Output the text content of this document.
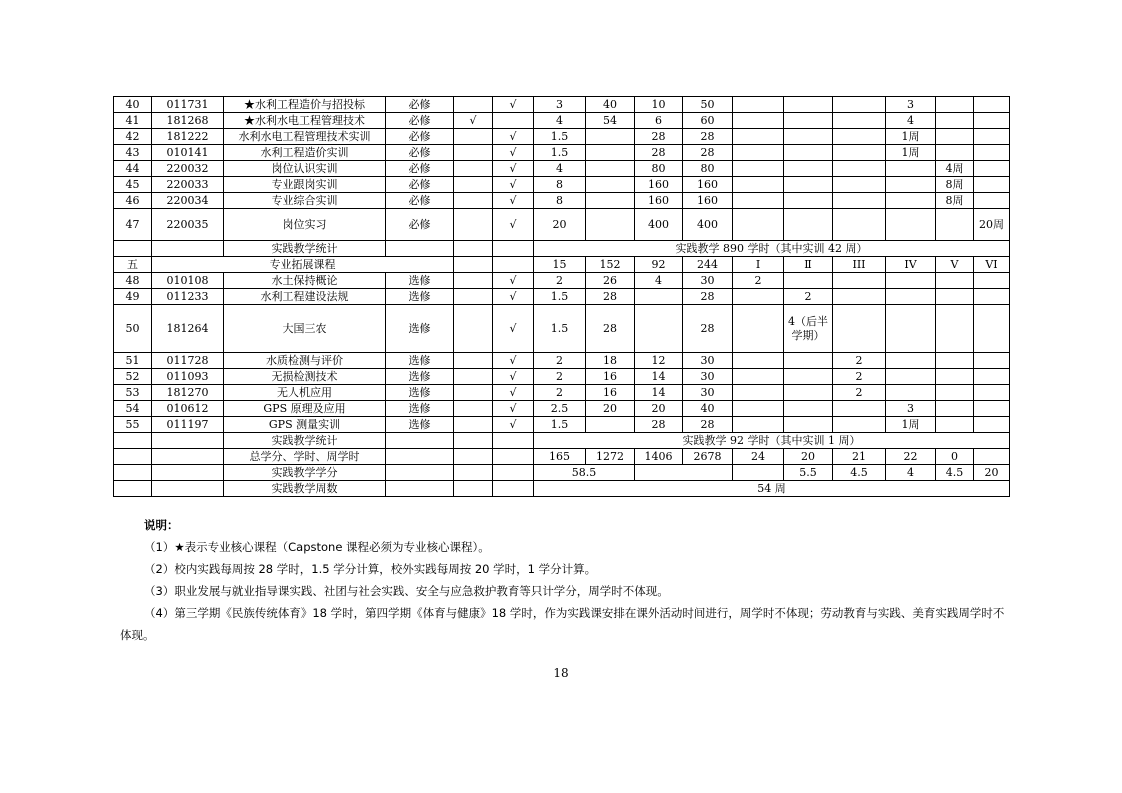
40	011731	★水利工程造价与招投标	必修		√	3	40	10	50				3		
41	181268	★水利水电工程管理技术	必修	√		4	54	6	60				4		
42	181222	水利水电工程管理技术实训	必修		√	1.5		28	28				1周		
43	010141	水利工程造价实训	必修		√	1.5		28	28				1周		
44	220032	岗位认识实训	必修		√	4		80	80					4周	
45	220033	专业跟岗实训	必修		√	8		160	160					8周	
46	220034	专业综合实训	必修		√	8		160	160					8周	
47	220035	岗位实习	必修		√	20		400	400						20周
		实践教学统计				实践教学 890 学时（其中实训 42 周）									
五	专业拓展课程					15	152	92	244	Ⅰ	Ⅱ	III	IV	V	VI
48	010108	水土保持概论	选修		√	2	26	4	30	2					
49	011233	水利工程建设法规	选修		√	1.5	28		28		2				
50	181264	大国三农	选修		√	1.5	28		28		4（后半学期）				
51	011728	水质检测与评价	选修		√	2	18	12	30			2			
52	011093	无损检测技术	选修		√	2	16	14	30			2			
53	181270	无人机应用	选修		√	2	16	14	30			2			
54	010612	GPS 原理及应用	选修		√	2.5	20	20	40				3		
55	011197	GPS 测量实训	选修		√	1.5		28	28				1周		
		实践教学统计				实践教学 92 学时（其中实训 1 周）									
		总学分、学时、周学时				165	1272	1406	2678	24	20	21	22	0	
		实践教学学分				58.5					5.5	4.5	4	4.5	20
		实践教学周数				54 周									
说明：
（1）★表示专业核心课程（Capstone 课程必须为专业核心课程）。
（2）校内实践每周按 28 学时，1.5 学分计算，校外实践每周按 20 学时，1 学分计算。
（3）职业发展与就业指导课实践、社团与社会实践、安全与应急救护教育等只计学分，周学时不体现。
（4）第三学期《民族传统体育》18 学时，第四学期《体育与健康》18 学时，作为实践课安排在课外活动时间进行，周学时不体现；劳动教育与实践、美育实践周学时不体现。
18
